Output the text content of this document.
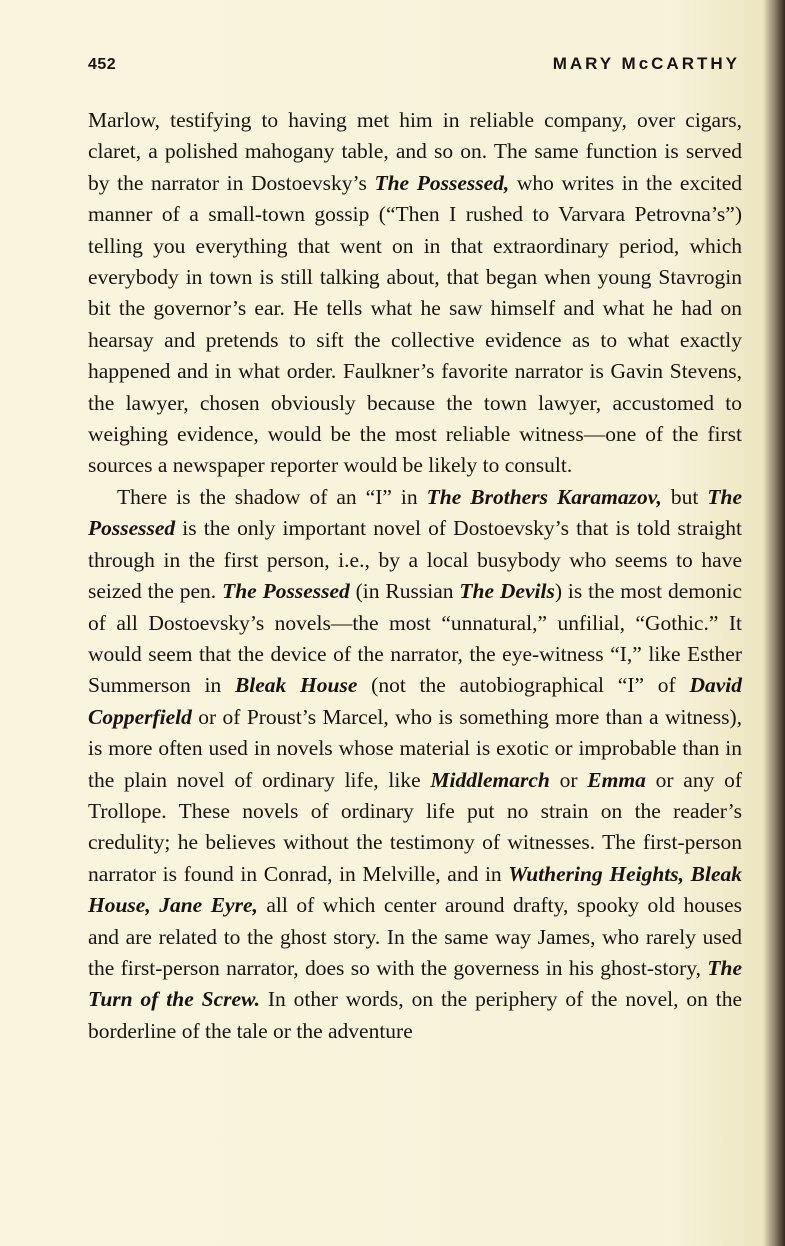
452	MARY McCARTHY

Marlow, testifying to having met him in reliable company, over cigars, claret, a polished mahogany table, and so on. The same function is served by the narrator in Dostoevsky’s The Possessed, who writes in the excited manner of a small-town gossip (“Then I rushed to Varvara Petrovna’s”) telling you everything that went on in that extraordinary period, which everybody in town is still talking about, that began when young Stavrogin bit the governor’s ear. He tells what he saw himself and what he had on hearsay and pretends to sift the collective evidence as to what exactly happened and in what order. Faulkner’s favorite narrator is Gavin Stevens, the lawyer, chosen obviously because the town lawyer, accustomed to weighing evidence, would be the most reliable witness—one of the first sources a newspaper reporter would be likely to consult.

There is the shadow of an “I” in The Brothers Karamazov, but The Possessed is the only important novel of Dostoevsky’s that is told straight through in the first person, i.e., by a local busybody who seems to have seized the pen. The Possessed (in Russian The Devils) is the most demonic of all Dostoevsky’s novels—the most “unnatural,” unfilial, “Gothic.” It would seem that the device of the narrator, the eye-witness “I,” like Esther Summerson in Bleak House (not the autobiographical “I” of David Copperfield or of Proust’s Marcel, who is something more than a witness), is more often used in novels whose material is exotic or improbable than in the plain novel of ordinary life, like Middlemarch or Emma or any of Trollope. These novels of ordinary life put no strain on the reader’s credulity; he believes without the testimony of witnesses. The first-person narrator is found in Conrad, in Melville, and in Wuthering Heights, Bleak House, Jane Eyre, all of which center around drafty, spooky old houses and are related to the ghost story. In the same way James, who rarely used the first-person narrator, does so with the governess in his ghost-story, The Turn of the Screw. In other words, on the periphery of the novel, on the borderline of the tale or the adventure
